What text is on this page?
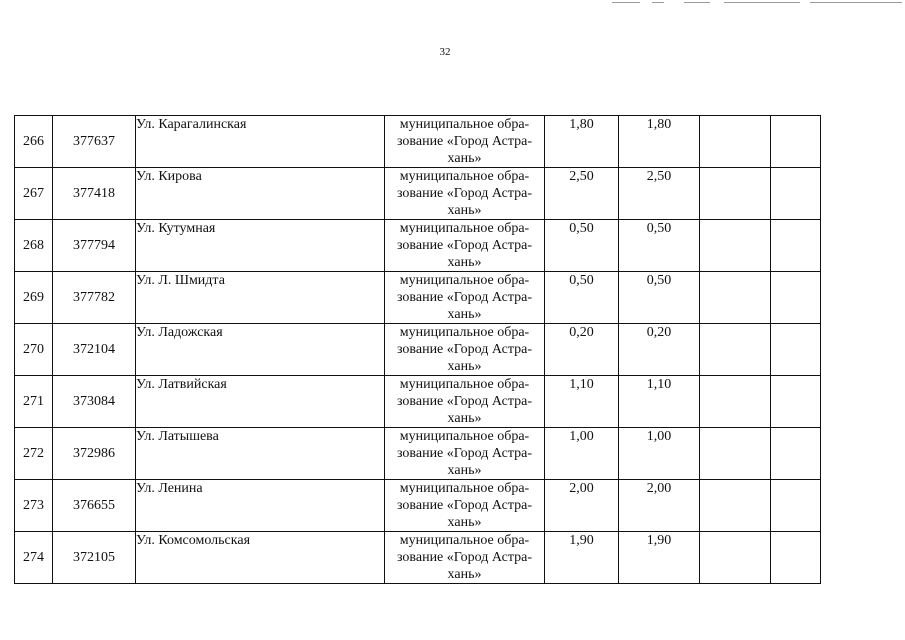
32
266	377637	Ул. Карагалинская	муниципальное обра-
зование «Город Астра-
хань»	1,80	1,80		
267	377418	Ул. Кирова	муниципальное обра-
зование «Город Астра-
хань»	2,50	2,50		
268	377794	Ул. Кутумная	муниципальное обра-
зование «Город Астра-
хань»	0,50	0,50		
269	377782	Ул. Л. Шмидта	муниципальное обра-
зование «Город Астра-
хань»	0,50	0,50		
270	372104	Ул. Ладожская	муниципальное обра-
зование «Город Астра-
хань»	0,20	0,20		
271	373084	Ул. Латвийская	муниципальное обра-
зование «Город Астра-
хань»	1,10	1,10		
272	372986	Ул. Латышева	муниципальное обра-
зование «Город Астра-
хань»	1,00	1,00		
273	376655	Ул. Ленина	муниципальное обра-
зование «Город Астра-
хань»	2,00	2,00		
274	372105	Ул. Комсомольская	муниципальное обра-
зование «Город Астра-
хань»	1,90	1,90		
